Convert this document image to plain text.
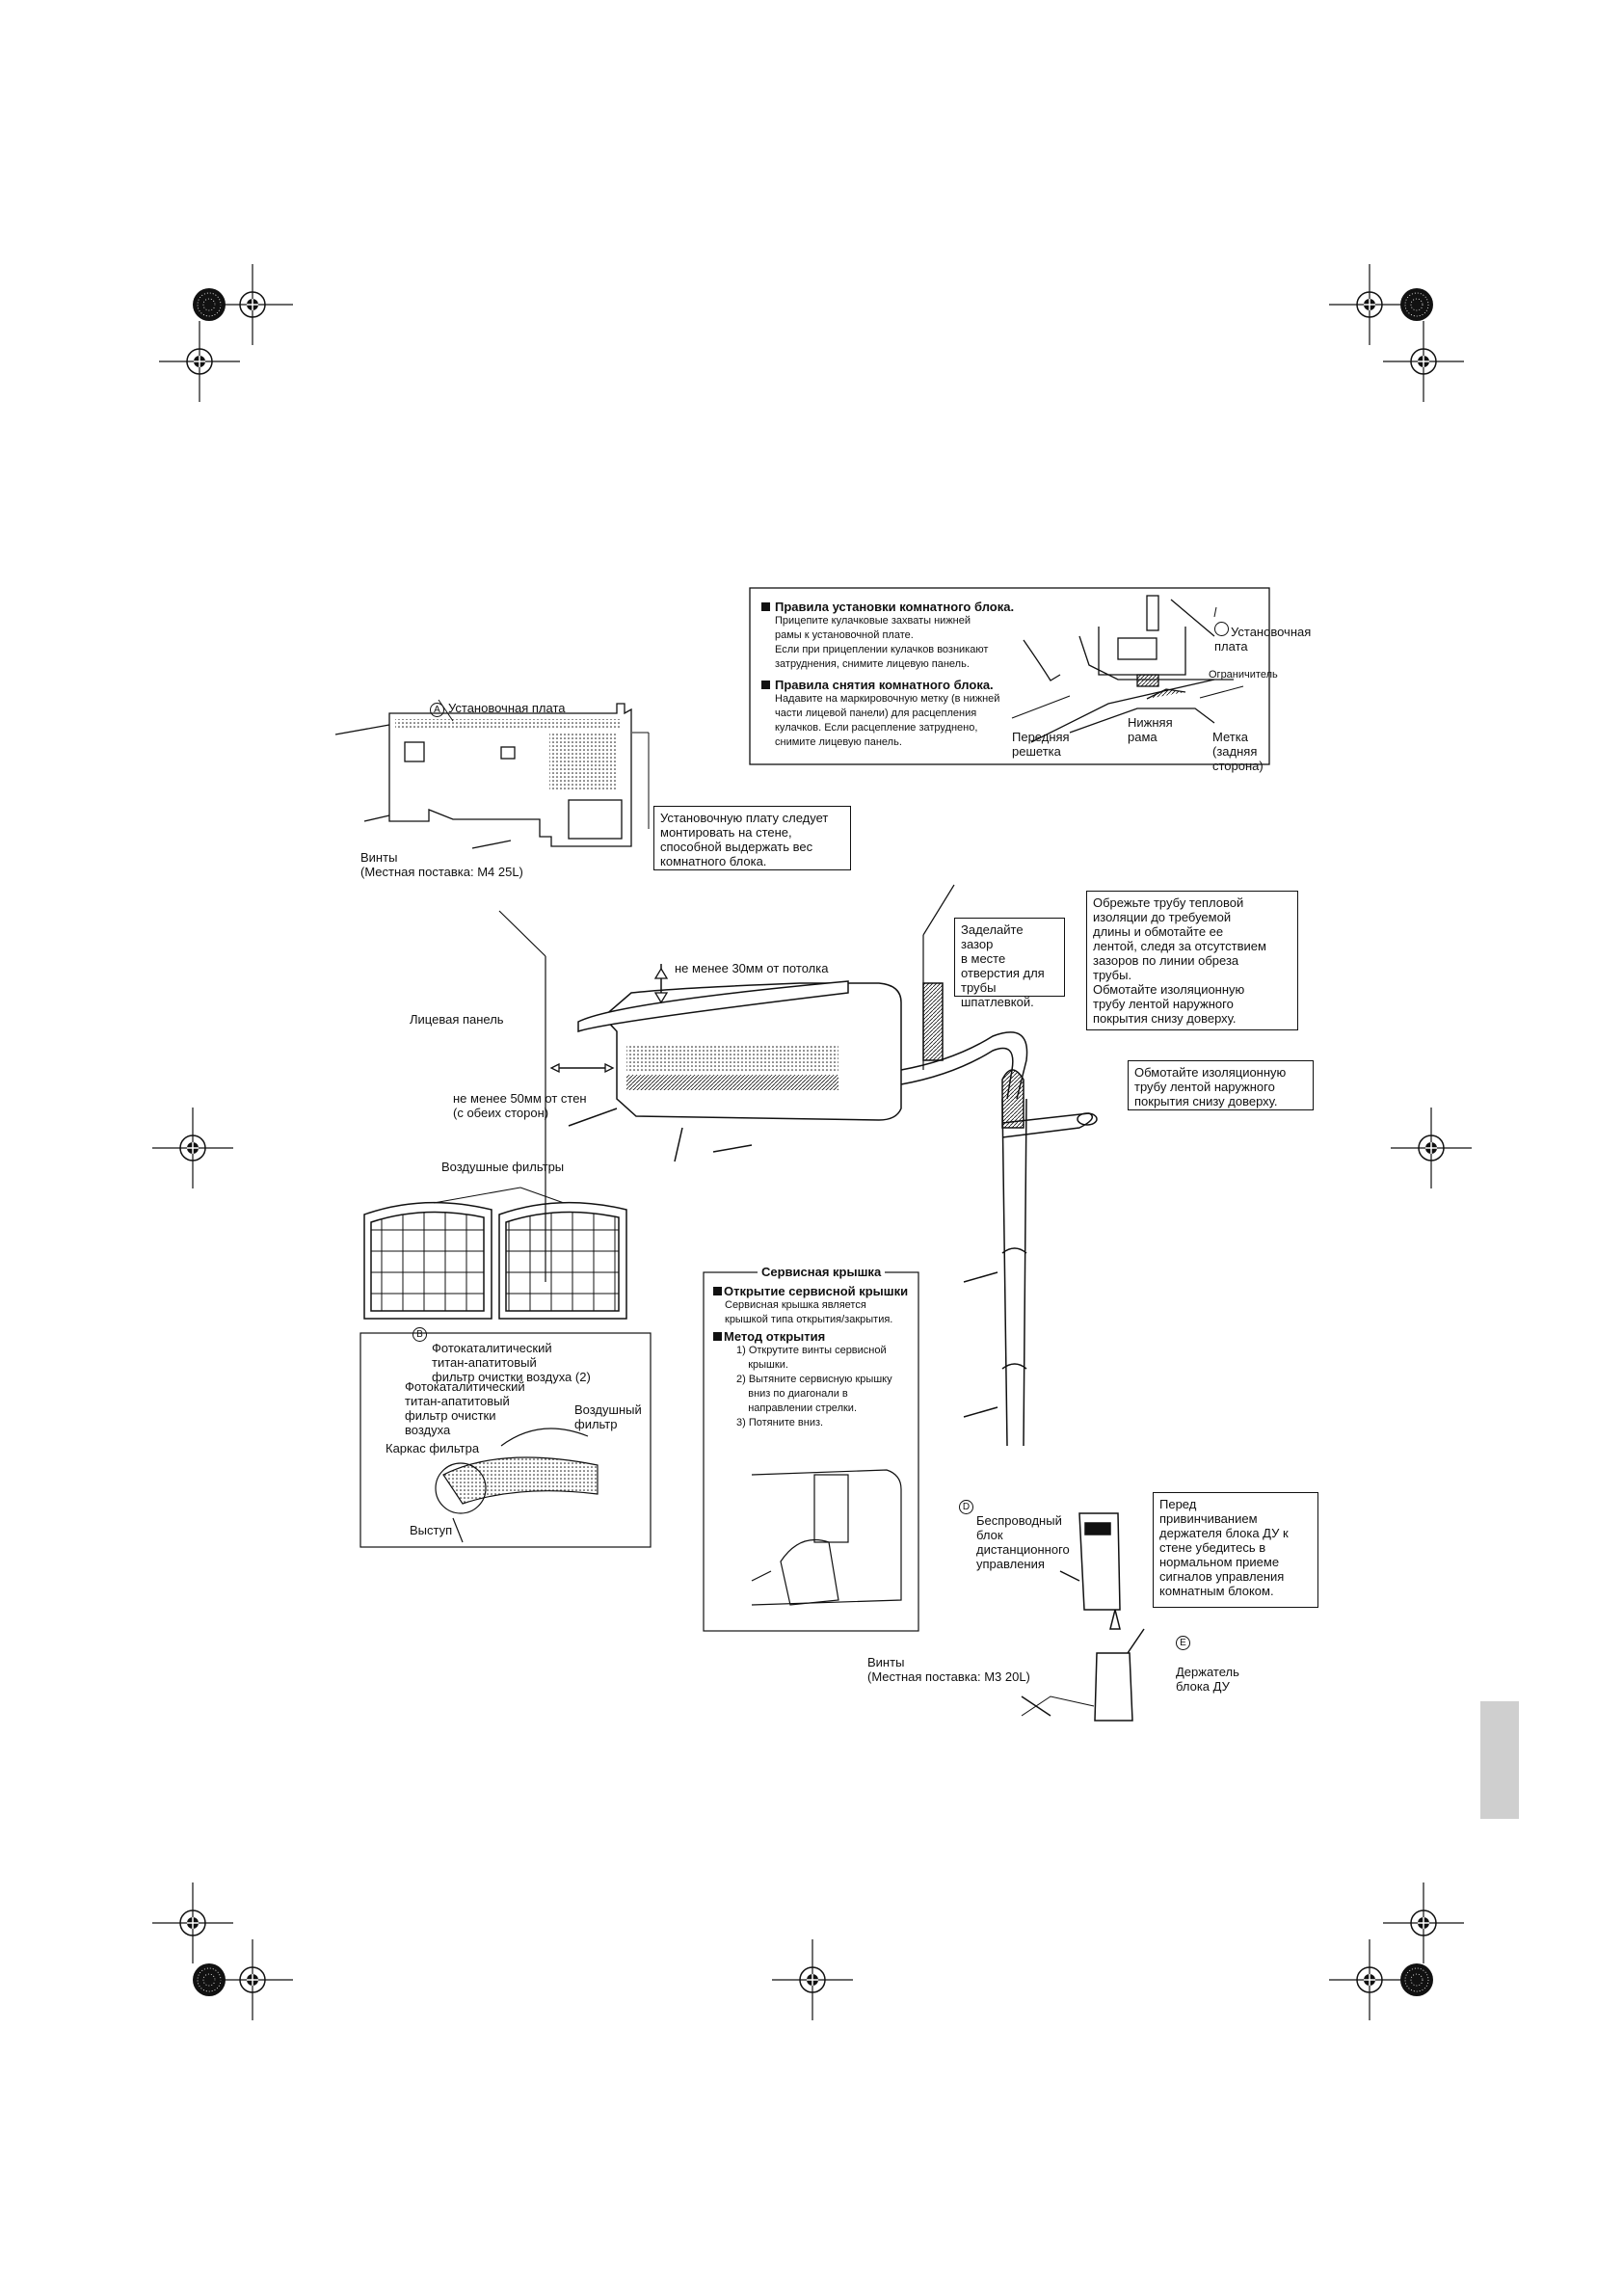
Правила установки комнатного блока.
Прицепите кулачковые захваты нижней
рамы к установочной плате.
Если при прицеплении кулачков возникают
затруднения, снимите лицевую панель.
Правила снятия комнатного блока.
Надавите на маркировочную метку (в нижней
части лицевой панели) для расцепления
кулачков. Если расцепление затруднено,
снимите лицевую панель.

Установочная
плата

Ограничитель
Передняя
решетка
Нижняя
рама	Метка
(задняя
сторона)

A Установочная плата

Винты
(Местная поставка: M4 25L)
Установочную плату следует
монтировать на стене,
способной выдержать вес
комнатного блока.
не менее 30мм от потолка
Лицевая панель
не менее 50мм от стен
(с обеих сторон)
Заделайте зазор
в месте
отверстия для
трубы
шпатлевкой.
Обрежьте трубу тепловой
изоляции до требуемой
длины и обмотайте ее
лентой, следя за отсутствием
зазоров по линии обреза
трубы.
Обмотайте изоляционную
трубу лентой наружного
покрытия снизу доверху.
Обмотайте изоляционную
трубу лентой наружного
покрытия снизу доверху.
Воздушные фильтры

B
Фотокаталитический
титан-апатитовый
фильтр очистки воздуха (2)

Фотокаталитический
титан-апатитовый
фильтр очистки
воздуха
Воздушный
фильтр
Каркас фильтра
Выступ
Сервисная крышка
Открытие сервисной крышки
Сервисная крышка является
крышкой типа открытия/закрытия.
Метод открытия
1) Открутите винты сервисной
крышки.
2) Вытяните сервисную крышку
вниз по диагонали в
направлении стрелки.
3) Потяните вниз.

D
Беспроводный
блок
дистанционного
управления

Перед
привинчиванием
держателя блока ДУ к
стене убедитесь в
нормальном приеме
сигналов управления
комнатным блоком.

E

Держатель
блока ДУ

Винты
(Местная поставка: M3 20L)
